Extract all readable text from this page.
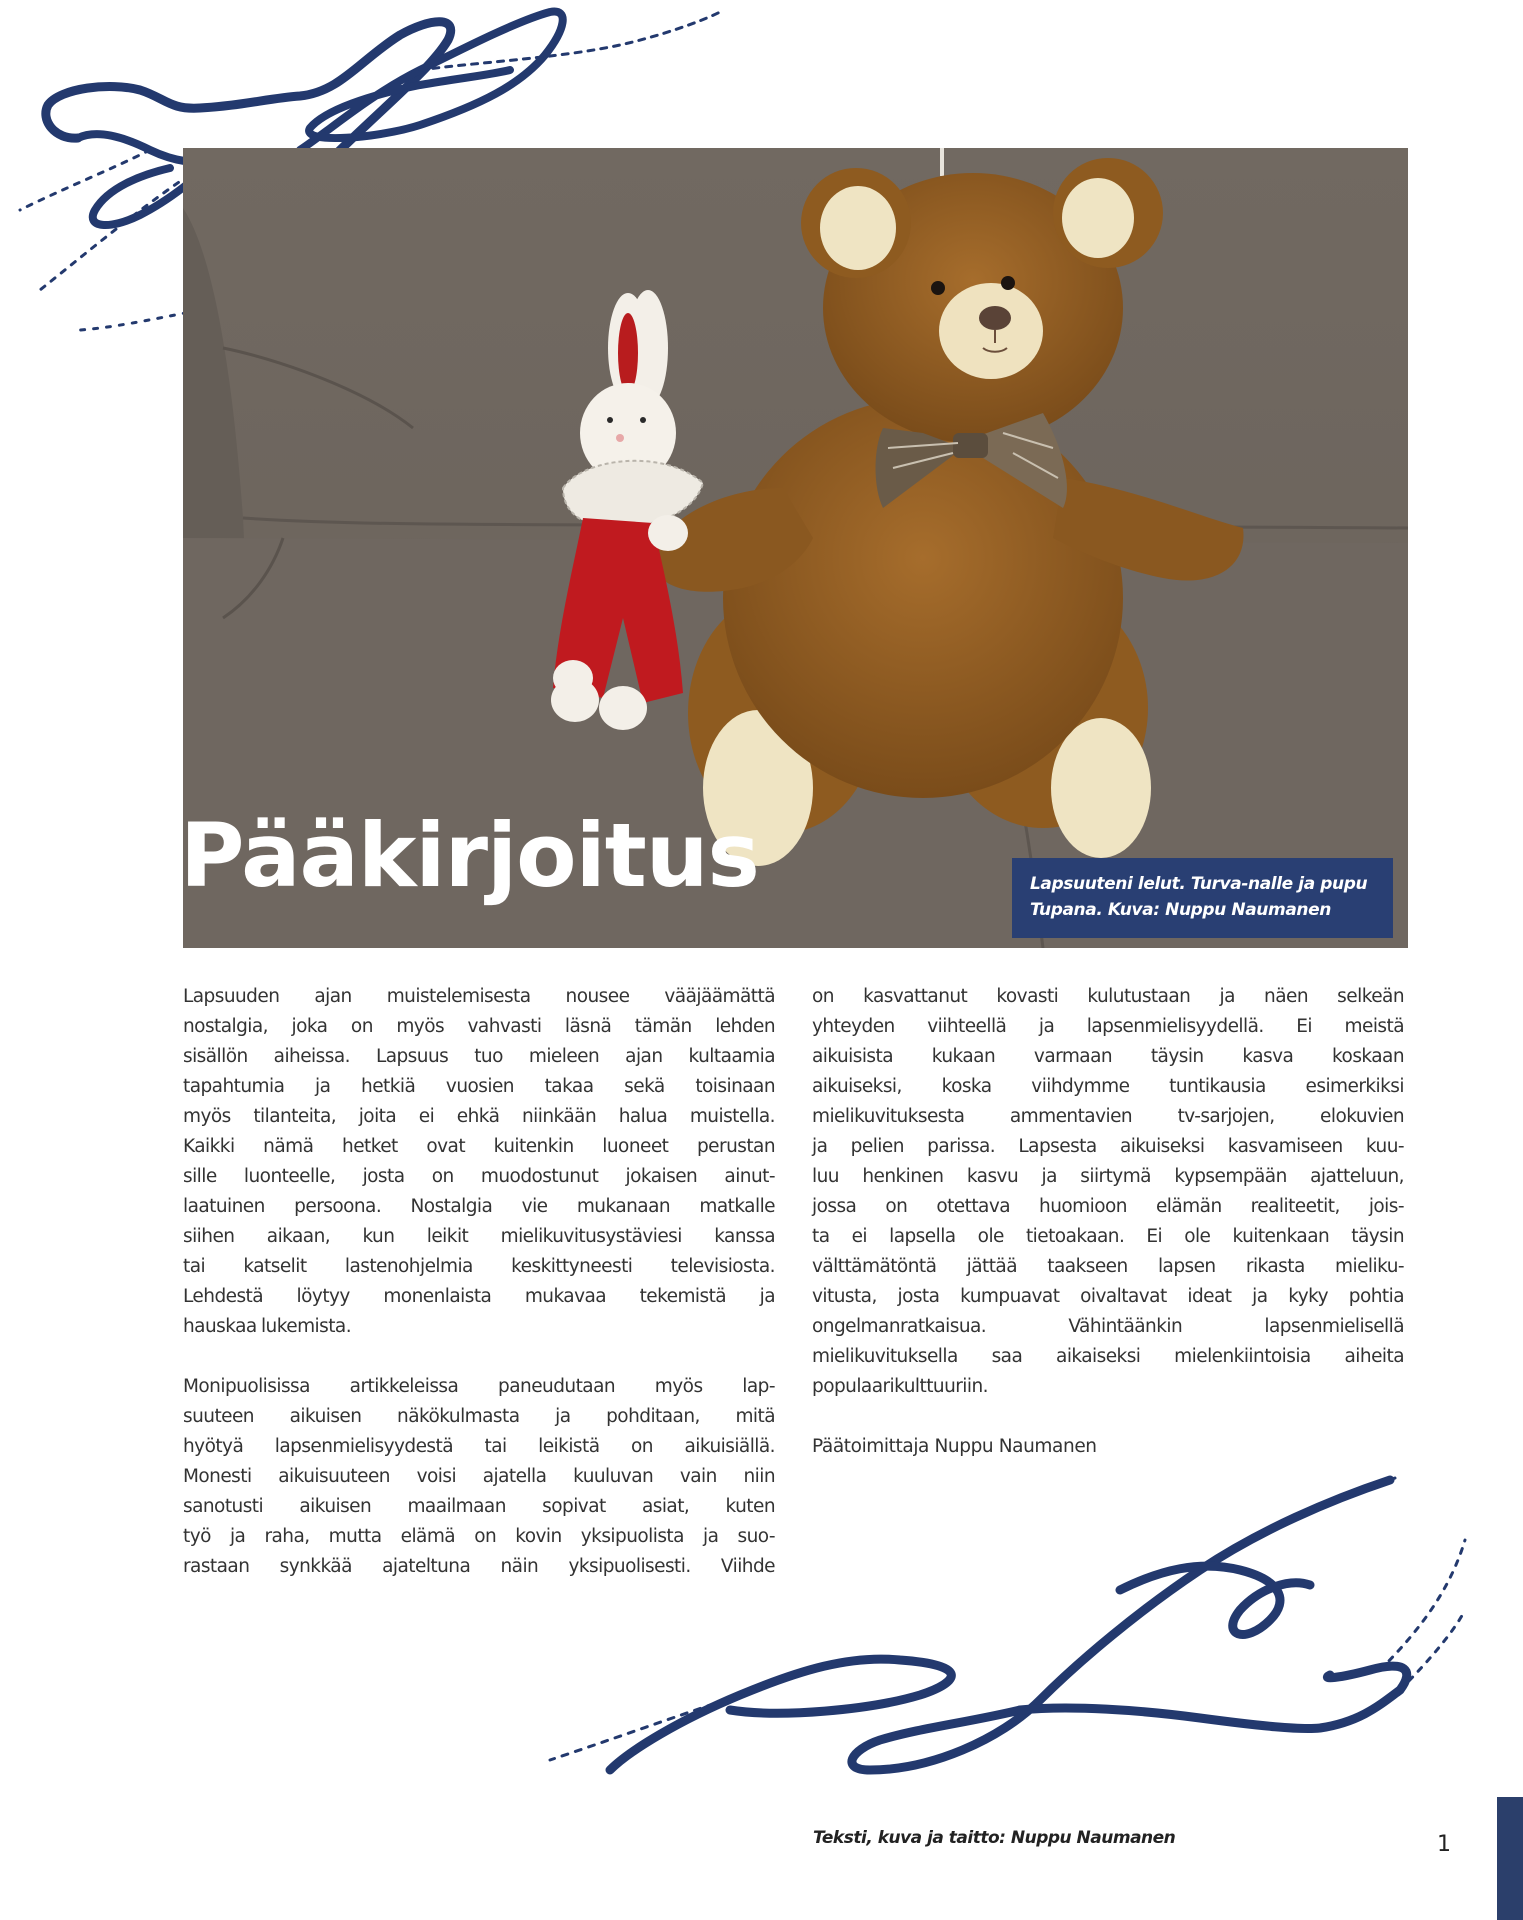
Pääkirjoitus	Lapsuuteni lelut. Turva-nalle ja pupu
Tupana. Kuva: Nuppu Naumanen

Lapsuuden ajan muistelemisesta nousee vääjäämättä
nostalgia, joka on myös vahvasti läsnä tämän lehden
sisällön aiheissa. Lapsuus tuo mieleen ajan kultaamia
tapahtumia ja hetkiä vuosien takaa sekä toisinaan
myös tilanteita, joita ei ehkä niinkään halua muistella.
Kaikki nämä hetket ovat kuitenkin luoneet perustan
sille luonteelle, josta on muodostunut jokaisen ainut-
laatuinen persoona. Nostalgia vie mukanaan matkalle
siihen aikaan, kun leikit mielikuvitusystäviesi kanssa
tai katselit lastenohjelmia keskittyneesti televisiosta.
Lehdestä löytyy monenlaista mukavaa tekemistä ja
hauskaa lukemista.

Monipuolisissa artikkeleissa paneudutaan myös lap-
suuteen aikuisen näkökulmasta ja pohditaan, mitä
hyötyä lapsenmielisyydestä tai leikistä on aikuisiällä.
Monesti aikuisuuteen voisi ajatella kuuluvan vain niin
sanotusti aikuisen maailmaan sopivat asiat, kuten
työ ja raha, mutta elämä on kovin yksipuolista ja suo-
rastaan synkkää ajateltuna näin yksipuolisesti. Viihde

on kasvattanut kovasti kulutustaan ja näen selkeän
yhteyden viihteellä ja lapsenmielisyydellä. Ei meistä
aikuisista kukaan varmaan täysin kasva koskaan
aikuiseksi, koska viihdymme tuntikausia esimerkiksi
mielikuvituksesta ammentavien tv-sarjojen, elokuvien
ja pelien parissa. Lapsesta aikuiseksi kasvamiseen kuu-
luu henkinen kasvu ja siirtymä kypsempään ajatteluun,
jossa on otettava huomioon elämän realiteetit, jois-
ta ei lapsella ole tietoakaan. Ei ole kuitenkaan täysin
välttämätöntä jättää taakseen lapsen rikasta mieliku-
vitusta, josta kumpuavat oivaltavat ideat ja kyky pohtia
ongelmanratkaisua. Vähintäänkin lapsenmielisellä
mielikuvituksella saa aikaiseksi mielenkiintoisia aiheita
populaarikulttuuriin.

Päätoimittaja Nuppu Naumanen

Teksti, kuva ja taitto: Nuppu Naumanen	1
